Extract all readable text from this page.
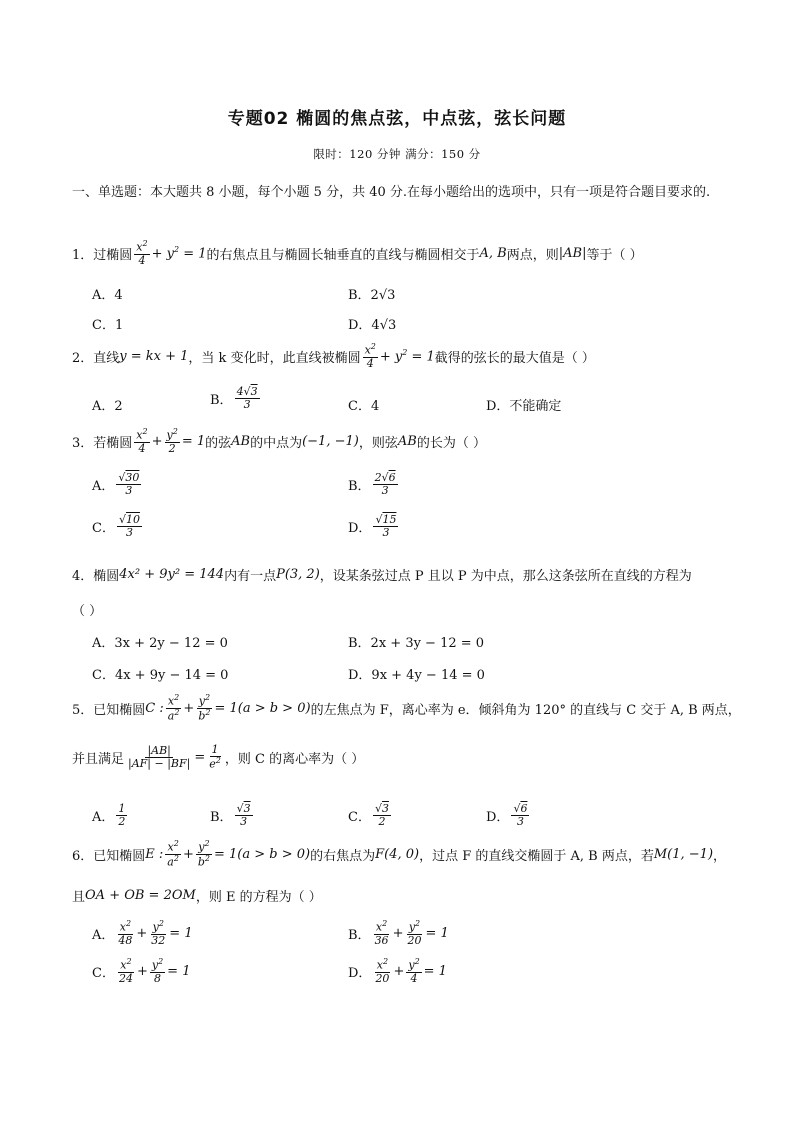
专题02 椭圆的焦点弦，中点弦，弦长问题
限时：120 分钟 满分：150 分
一、单选题：本大题共 8 小题，每个小题 5 分，共 40 分.在每小题给出的选项中，只有一项是符合题目要求的.
1．过椭圆 $\frac{x^2}{4} + y^2 = 1$ 的右焦点且与椭圆长轴垂直的直线与椭圆相交于 A, B 两点，则 |AB| 等于（ ）
A．4	B．2√3
C．1	D．4√3
2．直线 y = kx + 1 ，当 k 变化时，此直线被椭圆 $\frac{x^2}{4} + y^2 = 1$ 截得的弦长的最大值是（ ）
A．2	B． $\frac{4√3}{3}$	C．4	D．不能确定
3．若椭圆 $\frac{x^2}{4} + \frac{y^2}{2} = 1$ 的弦 AB 的中点为 (−1, −1) ，则弦 AB 的长为（ ）
A． $\frac{√30}{3}$	B． $\frac{2√6}{3}$
C． $\frac{√10}{3}$	D． $\frac{√15}{3}$
4．椭圆 4x² + 9y² = 144 内有一点 P(3, 2) ，设某条弦过点 P 且以 P 为中点，那么这条弦所在直线的方程为
（ ）
A．3x + 2y − 12 = 0	B．2x + 3y − 12 = 0
C．4x + 9y − 14 = 0	D．9x + 4y − 14 = 0
5．已知椭圆 C : $\frac{x^2}{a^2} + \frac{y^2}{b^2} = 1(a > b > 0)$ 的左焦点为 F，离心率为 e．倾斜角为 120° 的直线与 C 交于 A, B 两点，
并且满足 $\frac{|AB|}{|AF| - |BF|} = \frac{1}{e^2}$ ，则 C 的离心率为（ ）
A． $\frac{1}{2}$	B． $\frac{√3}{3}$	C． $\frac{√3}{2}$	D． $\frac{√6}{3}$
6．已知椭圆 E : $\frac{x^2}{a^2} + \frac{y^2}{b^2} = 1(a > b > 0)$ 的右焦点为 F(4, 0) ，过点 F 的直线交椭圆于 A, B 两点，若 M(1, −1) ，
且 OA + OB = 2OM ，则 E 的方程为（ ）
A． $\frac{x^2}{48} + \frac{y^2}{32} = 1$	B． $\frac{x^2}{36} + \frac{y^2}{20} = 1$
C． $\frac{x^2}{24} + \frac{y^2}{8} = 1$	D． $\frac{x^2}{20} + \frac{y^2}{4} = 1$
